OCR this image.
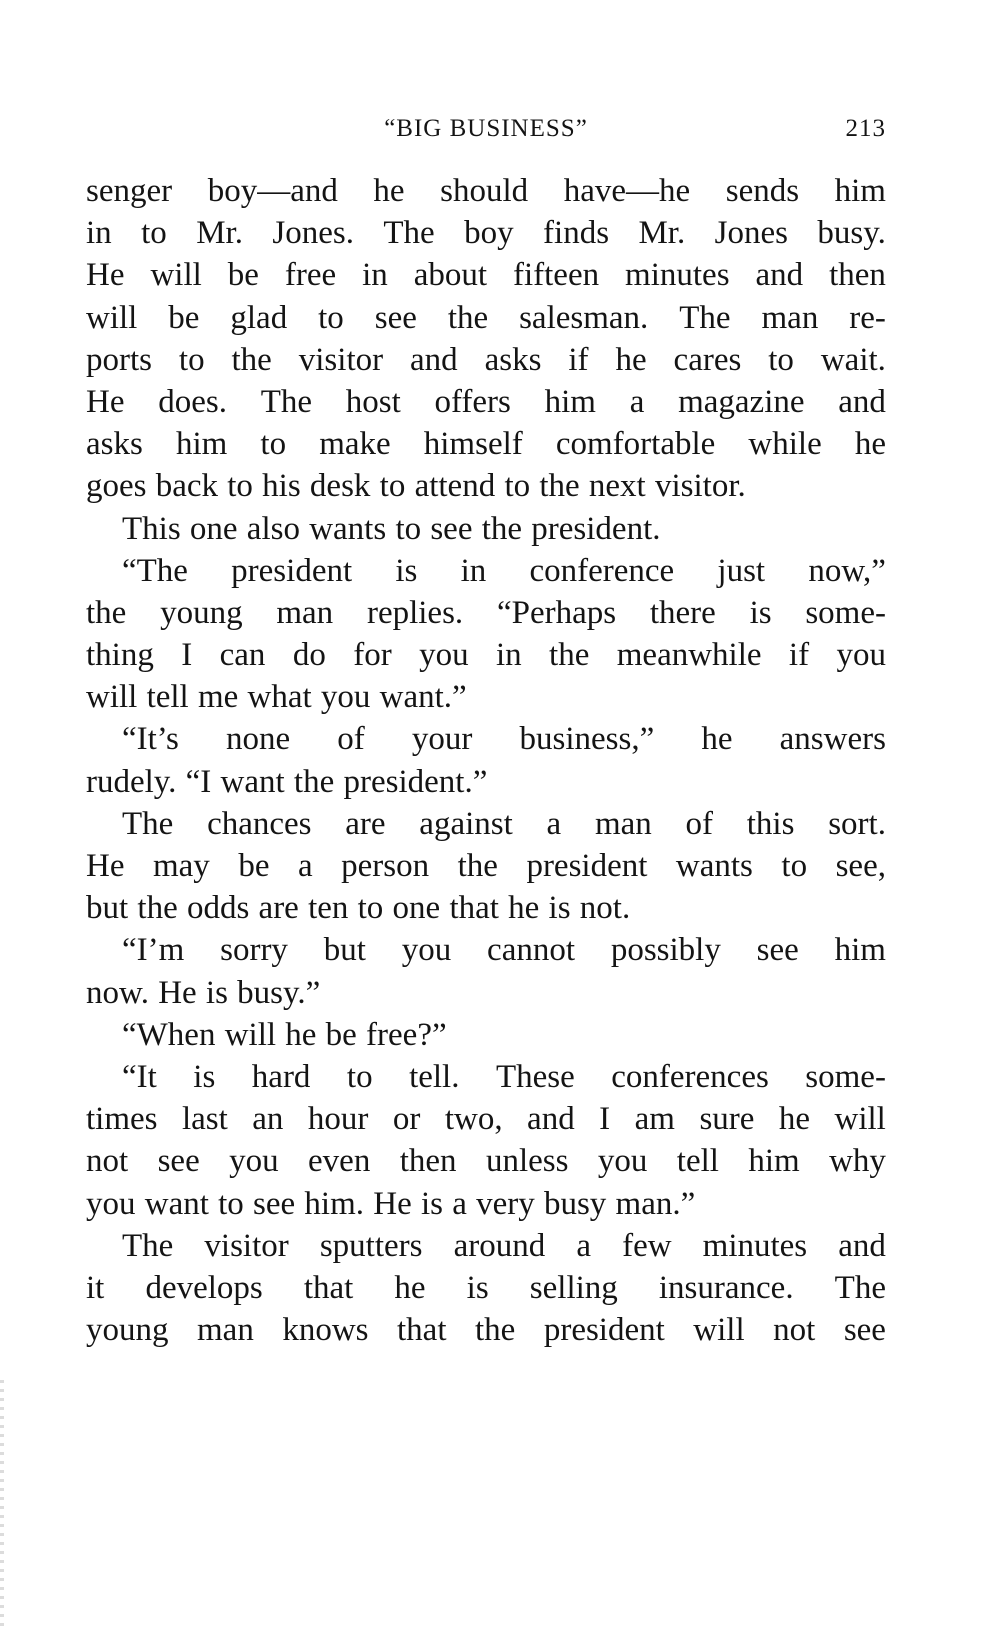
“BIG BUSINESS”	213
senger boy—and he should have—he sends him
in to Mr. Jones. The boy finds Mr. Jones busy.
He will be free in about fifteen minutes and then
will be glad to see the salesman. The man re-
ports to the visitor and asks if he cares to wait.
He does. The host offers him a magazine and
asks him to make himself comfortable while he
goes back to his desk to attend to the next visitor.
This one also wants to see the president.
“The president is in conference just now,”
the young man replies. “Perhaps there is some-
thing I can do for you in the meanwhile if you
will tell me what you want.”
“It’s none of your business,” he answers
rudely. “I want the president.”
The chances are against a man of this sort.
He may be a person the president wants to see,
but the odds are ten to one that he is not.
“I’m sorry but you cannot possibly see him
now. He is busy.”
“When will he be free?”
“It is hard to tell. These conferences some-
times last an hour or two, and I am sure he will
not see you even then unless you tell him why
you want to see him. He is a very busy man.”
The visitor sputters around a few minutes and
it develops that he is selling insurance. The
young man knows that the president will not see
